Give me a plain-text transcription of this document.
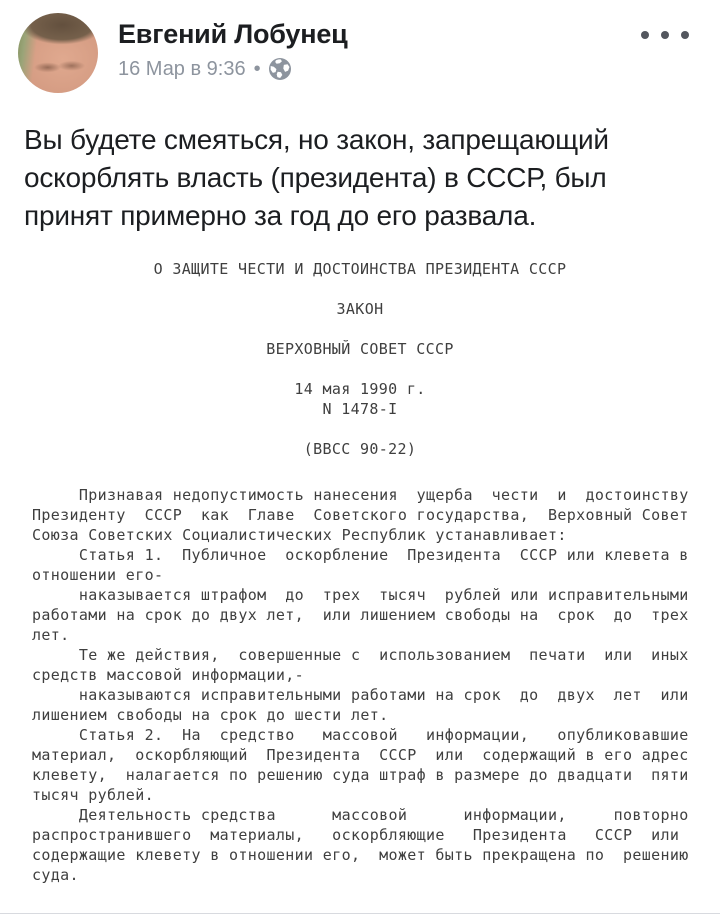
Евгений Лобунец
16 Мар в 9:36 •
Вы будете смеяться, но закон, запрещающий
оскорблять власть (президента) в СССР, был
принят примерно за год до его развала.
О ЗАЩИТЕ ЧЕСТИ И ДОСТОИНСТВА ПРЕЗИДЕНТА СССР
ЗАКОН
ВЕРХОВНЫЙ СОВЕТ СССР
14 мая 1990 г.
N 1478-I
(ВВСС 90-22)
Признавая недопустимость нанесения  ущерба  чести  и  достоинству
Президенту  СССР  как  Главе  Советского государства,  Верховный Совет
Союза Советских Социалистических Республик устанавливает:
Статья 1.  Публичное  оскорбление  Президента  СССР или клевета в
отношении его-
наказывается штрафом  до  трех  тысяч  рублей или исправительными
работами на срок до двух лет,  или лишением свободы на  срок  до  трех
лет.
Те же действия,  совершенные с  использованием  печати  или  иных
средств массовой информации,-
наказываются исправительными работами на срок  до  двух  лет  или
лишением свободы на срок до шести лет.
Статья 2.  На  средство   массовой   информации,   опубликовавшие
материал,  оскорбляющий  Президента  СССР  или  содержащий в его адрес
клевету,  налагается по решению суда штраф в размере до двадцати  пяти
тысяч рублей.
Деятельность средства      массовой      информации,     повторно
распространившего  материалы,   оскорбляющие   Президента   СССР  или
содержащие клевету в отношении его,  может быть прекращена по  решению
суда.
